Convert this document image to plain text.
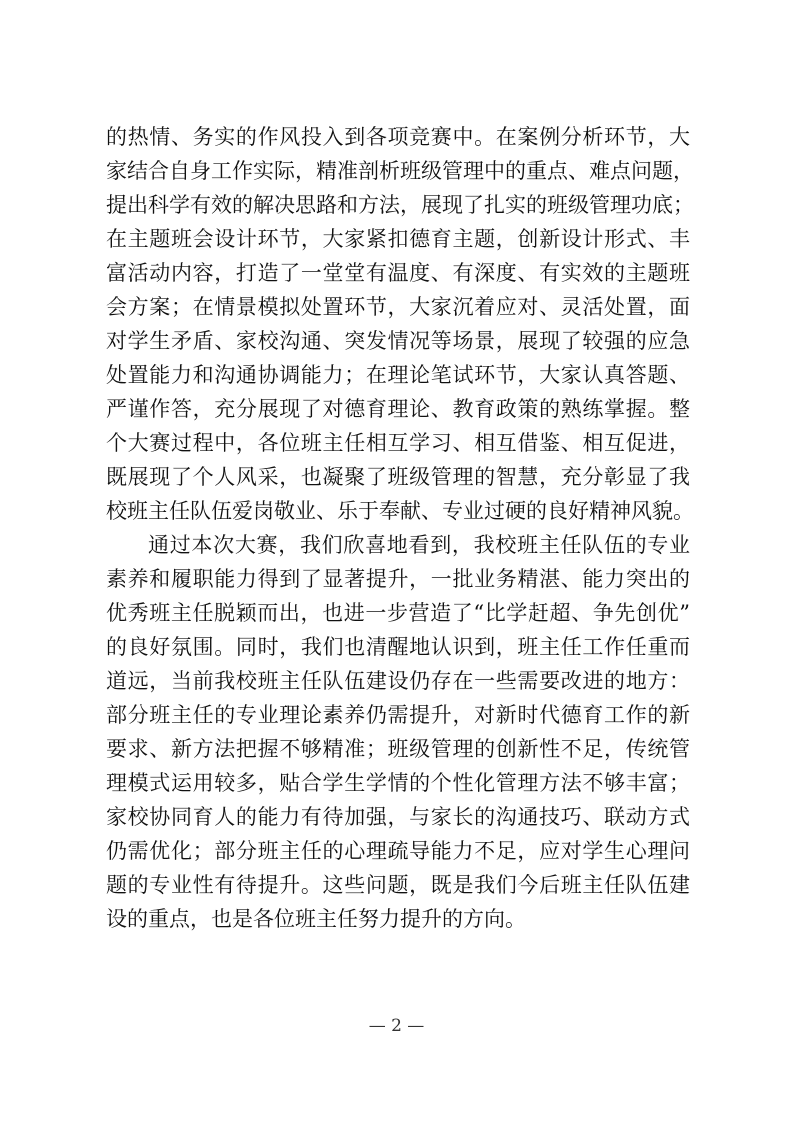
的热情、务实的作风投入到各项竞赛中。在案例分析环节，大
家结合自身工作实际，精准剖析班级管理中的重点、难点问题，
提出科学有效的解决思路和方法，展现了扎实的班级管理功底；
在主题班会设计环节，大家紧扣德育主题，创新设计形式、丰
富活动内容，打造了一堂堂有温度、有深度、有实效的主题班
会方案；在情景模拟处置环节，大家沉着应对、灵活处置，面
对学生矛盾、家校沟通、突发情况等场景，展现了较强的应急
处置能力和沟通协调能力；在理论笔试环节，大家认真答题、
严谨作答，充分展现了对德育理论、教育政策的熟练掌握。整
个大赛过程中，各位班主任相互学习、相互借鉴、相互促进，
既展现了个人风采，也凝聚了班级管理的智慧，充分彰显了我
校班主任队伍爱岗敬业、乐于奉献、专业过硬的良好精神风貌。
通过本次大赛，我们欣喜地看到，我校班主任队伍的专业
素养和履职能力得到了显著提升，一批业务精湛、能力突出的
优秀班主任脱颖而出，也进一步营造了“比学赶超、争先创优”
的良好氛围。同时，我们也清醒地认识到，班主任工作任重而
道远，当前我校班主任队伍建设仍存在一些需要改进的地方：
部分班主任的专业理论素养仍需提升，对新时代德育工作的新
要求、新方法把握不够精准；班级管理的创新性不足，传统管
理模式运用较多，贴合学生学情的个性化管理方法不够丰富；
家校协同育人的能力有待加强，与家长的沟通技巧、联动方式
仍需优化；部分班主任的心理疏导能力不足，应对学生心理问
题的专业性有待提升。这些问题，既是我们今后班主任队伍建
设的重点，也是各位班主任努力提升的方向。
— 2 —
